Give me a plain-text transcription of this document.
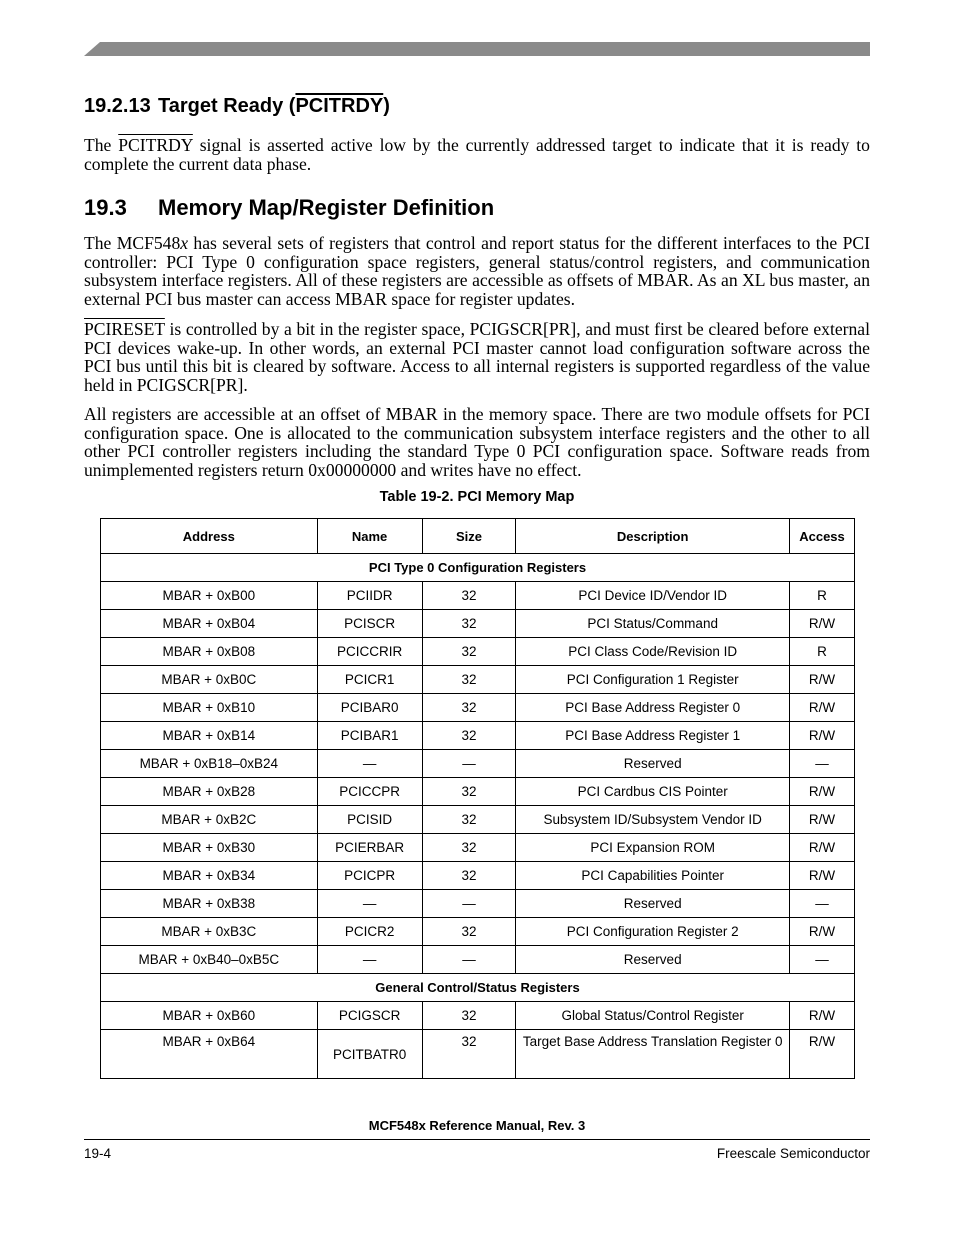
19.2.13 Target Ready (PCITRDY)

The PCITRDY signal is asserted active low by the currently addressed target to indicate that it is ready to complete the current data phase.

19.3 Memory Map/Register Definition

The MCF548x has several sets of registers that control and report status for the different interfaces to the PCI controller: PCI Type 0 configuration space registers, general status/control registers, and communication subsystem interface registers. All of these registers are accessible as offsets of MBAR. As an XL bus master, an external PCI bus master can access MBAR space for register updates.

PCIRESET is controlled by a bit in the register space, PCIGSCR[PR], and must first be cleared before external PCI devices wake-up. In other words, an external PCI master cannot load configuration software across the PCI bus until this bit is cleared by software. Access to all internal registers is supported regardless of the value held in PCIGSCR[PR].

All registers are accessible at an offset of MBAR in the memory space. There are two module offsets for PCI configuration space. One is allocated to the communication subsystem interface registers and the other to all other PCI controller registers including the standard Type 0 PCI configuration space. Software reads from unimplemented registers return 0x00000000 and writes have no effect.

Table 19-2. PCI Memory Map
Address	Name	Size	Description	Access
PCI Type 0 Configuration Registers				
MBAR + 0xB00	PCIIDR	32	PCI Device ID/Vendor ID	R
MBAR + 0xB04	PCISCR	32	PCI Status/Command	R/W
MBAR + 0xB08	PCICCRIR	32	PCI Class Code/Revision ID	R
MBAR + 0xB0C	PCICR1	32	PCI Configuration 1 Register	R/W
MBAR + 0xB10	PCIBAR0	32	PCI Base Address Register 0	R/W
MBAR + 0xB14	PCIBAR1	32	PCI Base Address Register 1	R/W
MBAR + 0xB18–0xB24	—	—	Reserved	—
MBAR + 0xB28	PCICCPR	32	PCI Cardbus CIS Pointer	R/W
MBAR + 0xB2C	PCISID	32	Subsystem ID/Subsystem Vendor ID	R/W
MBAR + 0xB30	PCIERBAR	32	PCI Expansion ROM	R/W
MBAR + 0xB34	PCICPR	32	PCI Capabilities Pointer	R/W
MBAR + 0xB38	—	—	Reserved	—
MBAR + 0xB3C	PCICR2	32	PCI Configuration Register 2	R/W
MBAR + 0xB40–0xB5C	—	—	Reserved	—
General Control/Status Registers				
MBAR + 0xB60	PCIGSCR	32	Global Status/Control Register	R/W
MBAR + 0xB64	PCITBATR0	32	Target Base Address Translation Register 0	R/W
MCF548x Reference Manual, Rev. 3
19-4	Freescale Semiconductor
